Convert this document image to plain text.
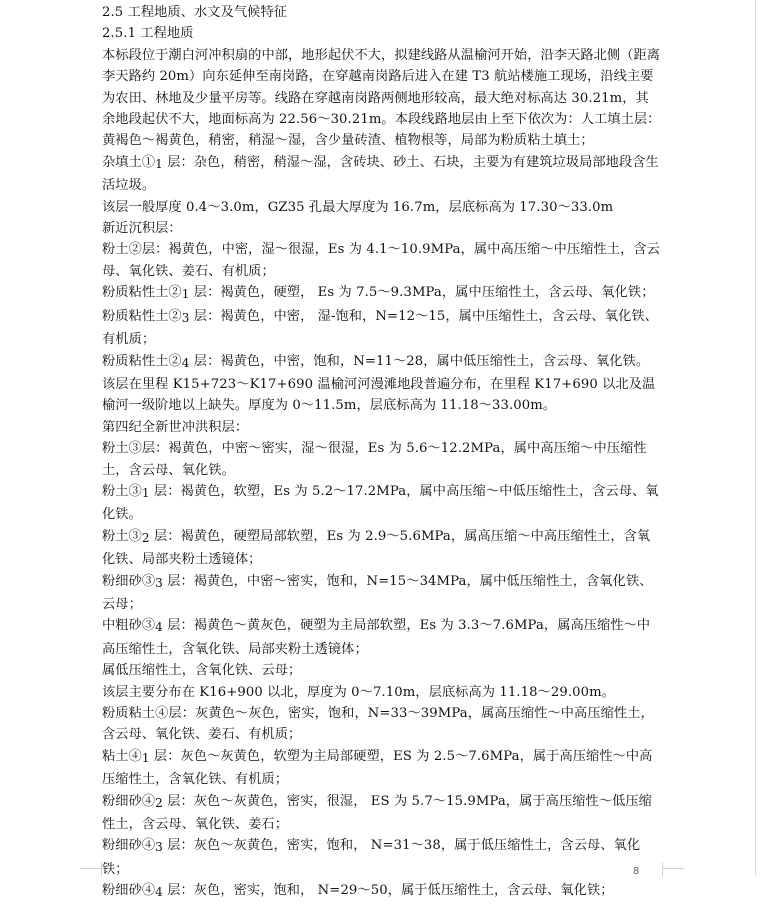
2.5 工程地质、水文及气候特征

2.5.1 工程地质

本标段位于潮白河冲积扇的中部，地形起伏不大，拟建线路从温榆河开始，沿李天路北侧（距离李天路约 20m）向东延伸至南岗路，在穿越南岗路后进入在建 T3 航站楼施工现场，沿线主要为农田、林地及少量平房等。线路在穿越南岗路两侧地形较高，最大绝对标高达 30.21m，其余地段起伏不大，地面标高为 22.56～30.21m。本段线路地层由上至下依次为：人工填土层：黄褐色～褐黄色，稍密，稍湿～湿，含少量砖渣、植物根等，局部为粉质粘土填土；

杂填土①1 层：杂色，稍密，稍湿～湿，含砖块、砂土、石块，主要为有建筑垃圾局部地段含生活垃圾。

该层一般厚度 0.4～3.0m，GZ35 孔最大厚度为 16.7m，层底标高为 17.30～33.0m

新近沉积层：

粉土②层：褐黄色，中密，湿～很湿，Es 为 4.1～10.9MPa，属中高压缩～中压缩性土，含云母、氧化铁、姜石、有机质；

粉质粘性土②1 层：褐黄色，硬塑， Es 为 7.5～9.3MPa，属中压缩性土，含云母、氧化铁；

粉质粘性土②3 层：褐黄色，中密， 湿-饱和，N=12～15，属中压缩性土，含云母、氧化铁、有机质；

粉质粘性土②4 层：褐黄色，中密，饱和，N=11～28，属中低压缩性土，含云母、氧化铁。

该层在里程 K15+723～K17+690 温榆河河漫滩地段普遍分布，在里程 K17+690 以北及温榆河一级阶地以上缺失。厚度为 0～11.5m，层底标高为 11.18～33.00m。

第四纪全新世冲洪积层：

粉土③层：褐黄色，中密～密实，湿～很湿，Es 为 5.6～12.2MPa，属中高压缩～中压缩性土，含云母、氧化铁。

粉土③1 层：褐黄色，软塑，Es 为 5.2～17.2MPa，属中高压缩～中低压缩性土，含云母、氧化铁。

粉土③2 层：褐黄色，硬塑局部软塑，Es 为 2.9～5.6MPa，属高压缩～中高压缩性土，含氧化铁、局部夹粉土透镜体；

粉细砂③3 层：褐黄色，中密～密实，饱和，N=15～34MPa，属中低压缩性土，含氧化铁、云母；

中粗砂③4 层：褐黄色～黄灰色，硬塑为主局部软塑，Es 为 3.3～7.6MPa，属高压缩性～中高压缩性土，含氧化铁、局部夹粉土透镜体；

属低压缩性土，含氧化铁、云母；

该层主要分布在 K16+900 以北，厚度为 0～7.10m，层底标高为 11.18～29.00m。

粉质粘土④层：灰黄色～灰色，密实，饱和，N=33～39MPa，属高压缩性～中高压缩性土，含云母、氧化铁、姜石、有机质；

粘土④1 层：灰色～灰黄色，软塑为主局部硬塑，ES 为 2.5～7.6MPa，属于高压缩性～中高压缩性土，含氧化铁、有机质；

粉细砂④2 层：灰色～灰黄色，密实，很湿， ES 为 5.7～15.9MPa，属于高压缩性～低压缩性土，含云母、氧化铁、姜石；

粉细砂④3 层：灰色～灰黄色，密实，饱和， N=31～38，属于低压缩性土，含云母、氧化铁；

粉细砂④4 层：灰色，密实，饱和， N=29～50，属于低压缩性土，含云母、氧化铁；

8
